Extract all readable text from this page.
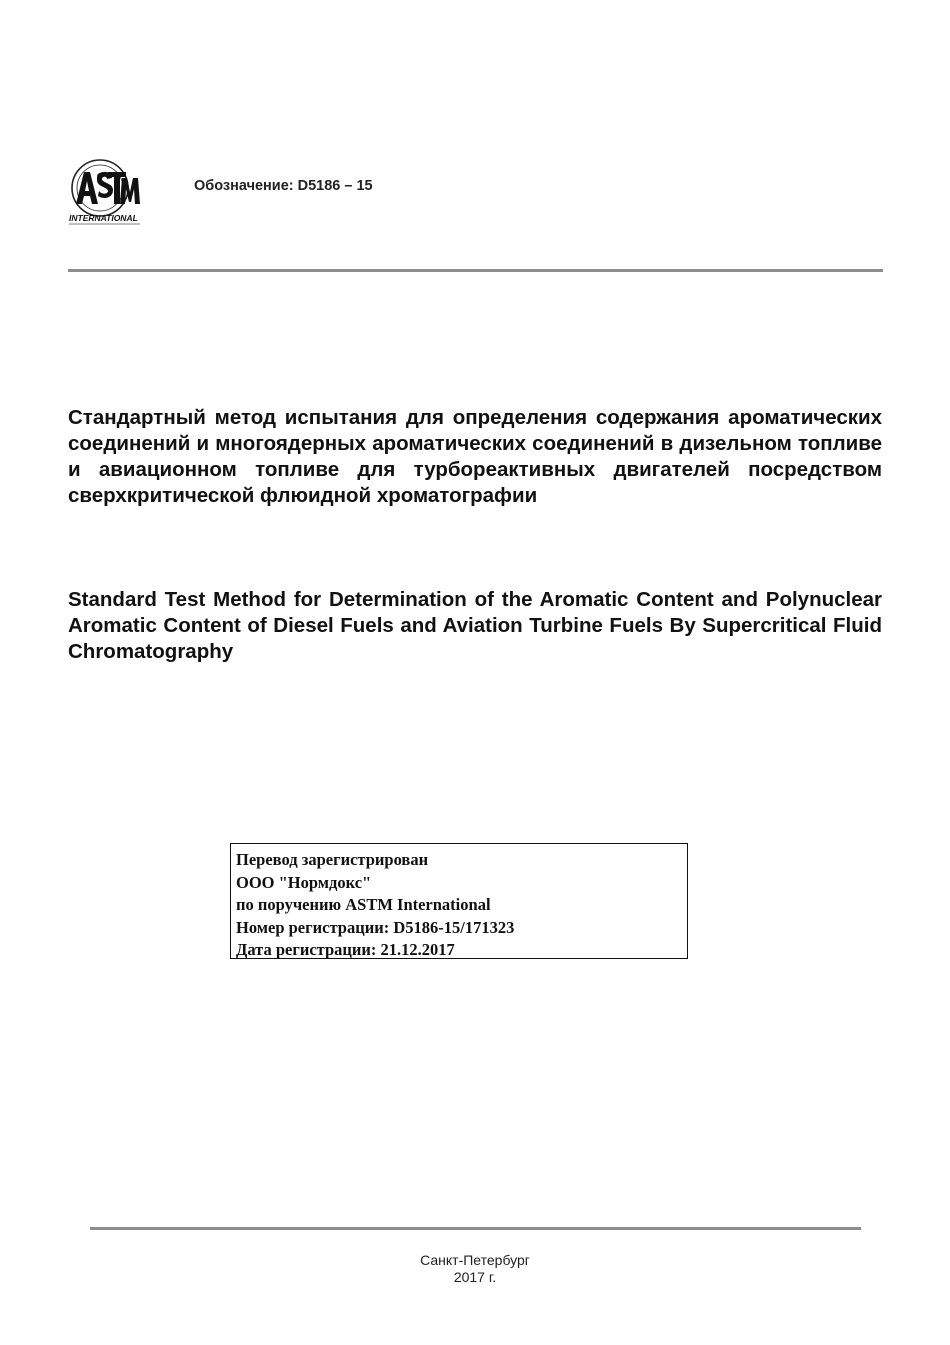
INTERNATIONAL
Обозначение: D5186 – 15
Стандартный метод испытания для определения содержания ароматических соединений и многоядерных ароматических соединений в дизельном топливе и авиационном топливе для турбореактивных двигателей посредством сверхкритической флюидной хроматографии
Standard Test Method for Determination of the Aromatic Content and Polynuclear Aromatic Content of Diesel Fuels and Aviation Turbine Fuels By Supercritical Fluid Chromatography
Перевод зарегистрирован
ООО "Нормдокс"
по поручению ASTM International
Номер регистрации: D5186-15/171323
Дата регистрации: 21.12.2017
Санкт-Петербург
2017 г.
